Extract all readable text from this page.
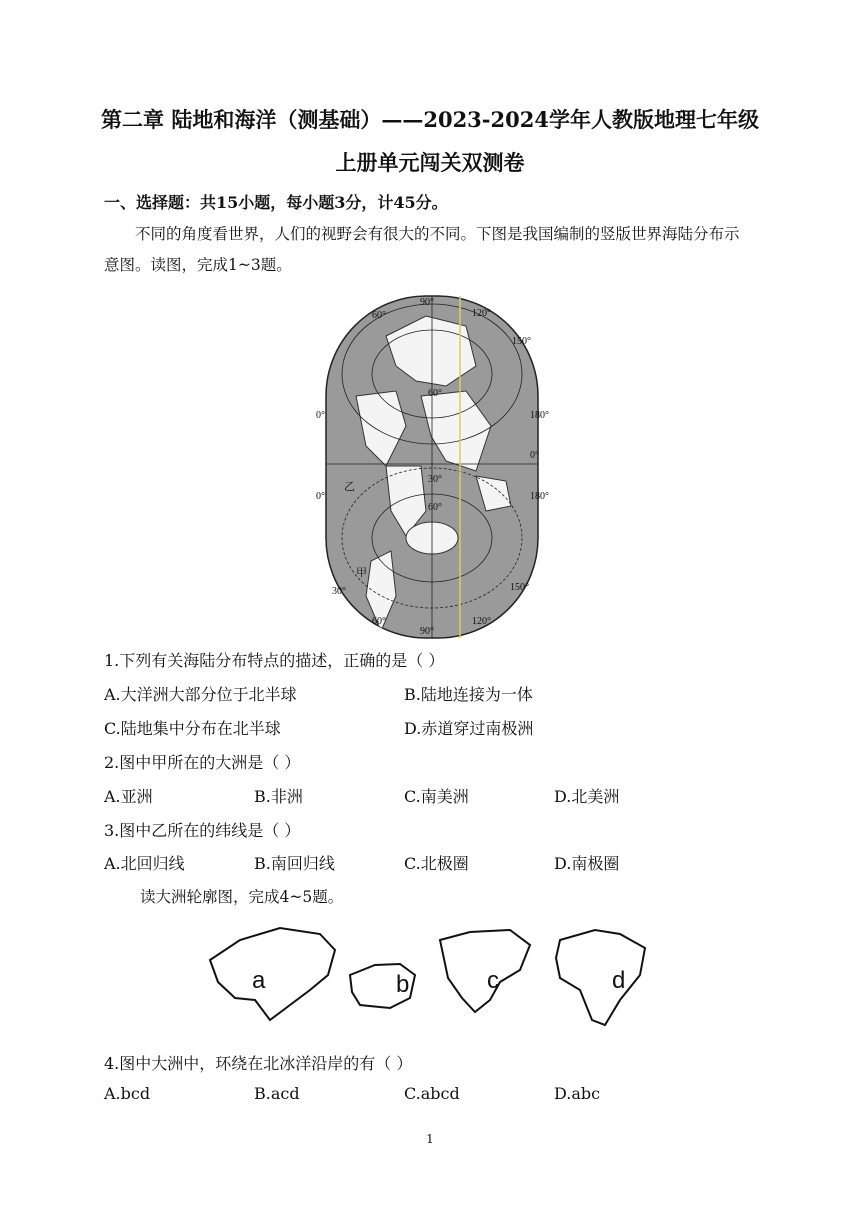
第二章 陆地和海洋（测基础）——2023-2024学年人教版地理七年级
上册单元闯关双测卷
一、选择题：共15小题，每小题3分，计45分。
不同的角度看世界，人们的视野会有很大的不同。下图是我国编制的竖版世界海陆分布示意图。读图，完成1~3题。
90°
60°	120°
150°
0°	180°
0°
60°
30°
60°
0°	180°
30°
60°
90°
120°
150°
乙
甲
1.下列有关海陆分布特点的描述，正确的是（ ）
A.大洋洲大部分位于北半球	B.陆地连接为一体
C.陆地集中分布在北半球	D.赤道穿过南极洲
2.图中甲所在的大洲是（ ）
A.亚洲	B.非洲	C.南美洲	D.北美洲
3.图中乙所在的纬线是（ ）
A.北回归线	B.南回归线	C.北极圈	D.南极圈
读大洲轮廓图，完成4~5题。
a	b	c	d
4.图中大洲中，环绕在北冰洋沿岸的有（ ）
A.bcd	B.acd	C.abcd	D.abc
1
